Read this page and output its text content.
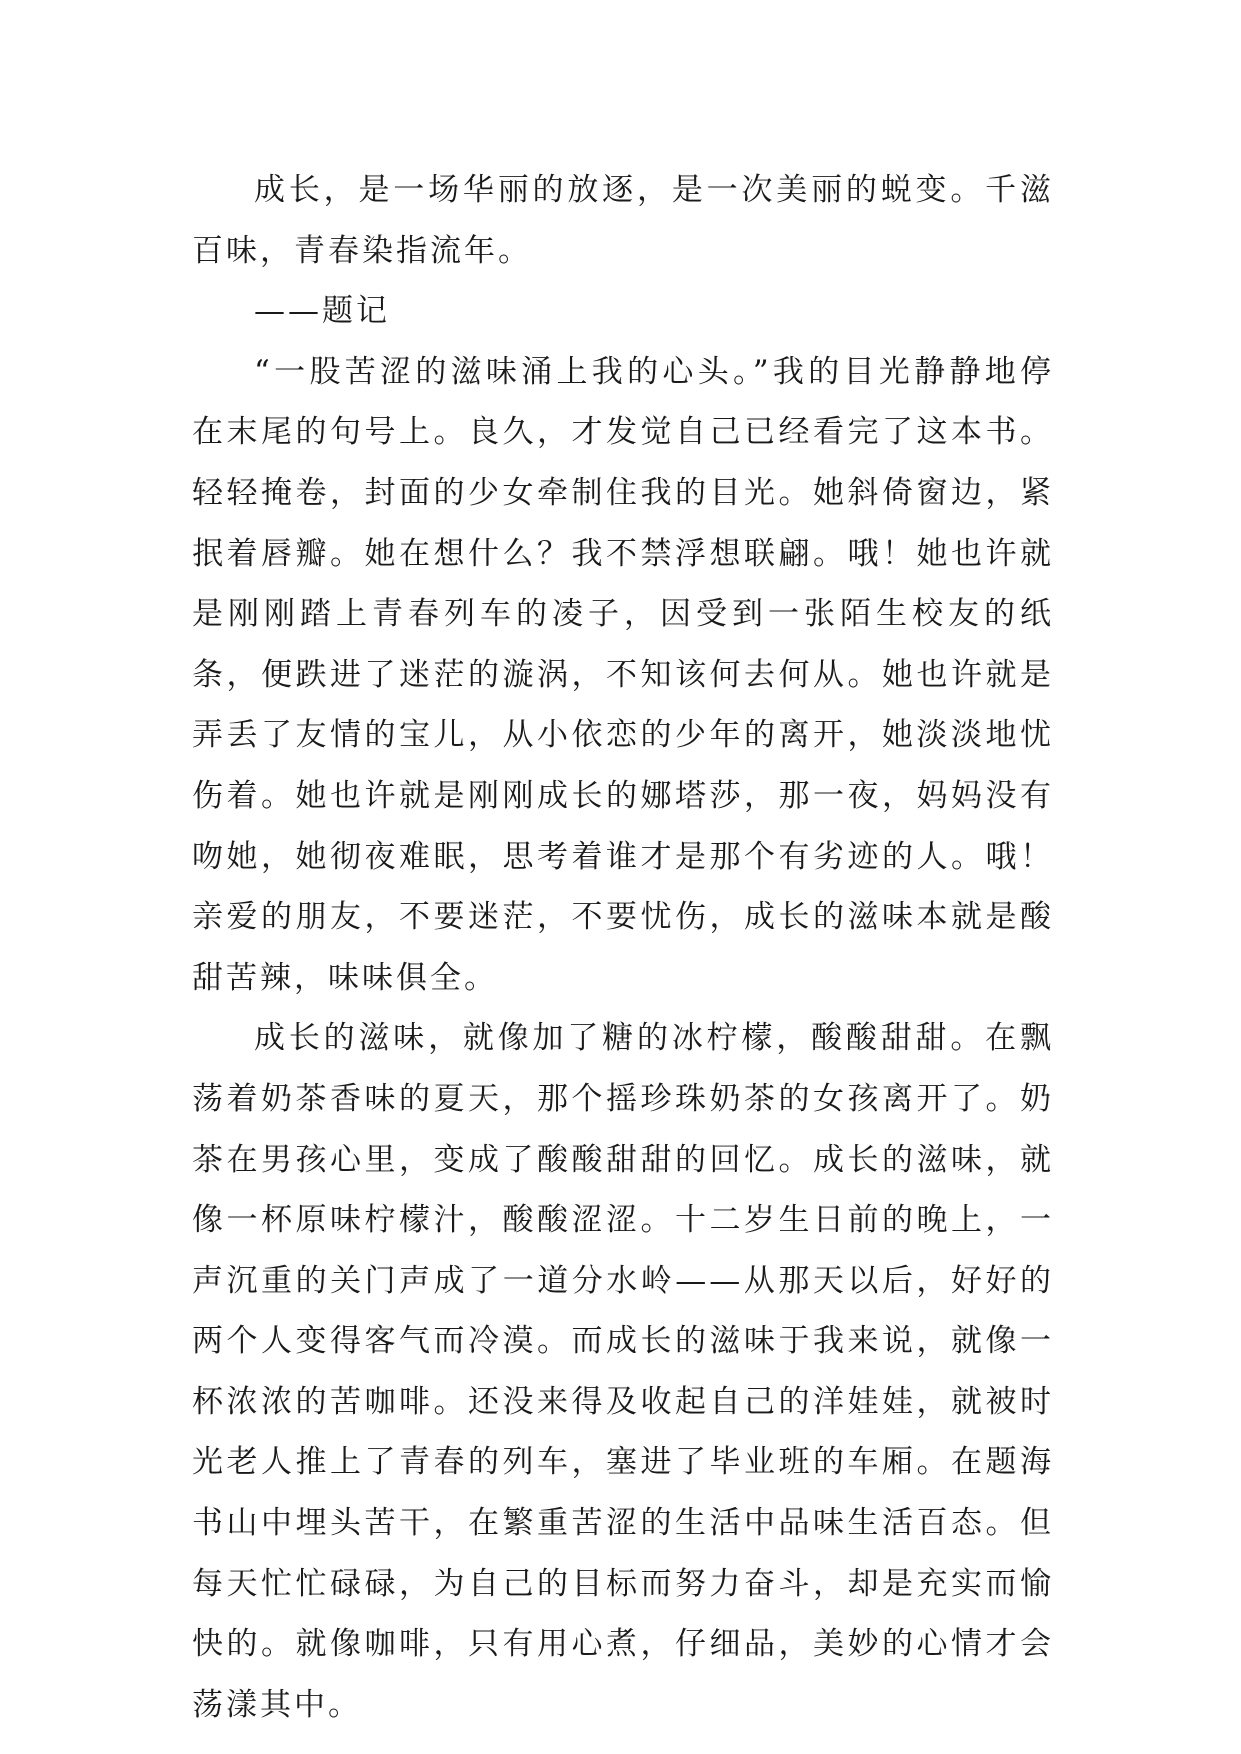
成长，是一场华丽的放逐，是一次美丽的蜕变。千滋百味，青春染指流年。

——题记

“一股苦涩的滋味涌上我的心头。”我的目光静静地停在末尾的句号上。良久，才发觉自己已经看完了这本书。轻轻掩卷，封面的少女牵制住我的目光。她斜倚窗边，紧抿着唇瓣。她在想什么？我不禁浮想联翩。哦！她也许就是刚刚踏上青春列车的凌子，因受到一张陌生校友的纸条，便跌进了迷茫的漩涡，不知该何去何从。她也许就是弄丢了友情的宝儿，从小依恋的少年的离开，她淡淡地忧伤着。她也许就是刚刚成长的娜塔莎，那一夜，妈妈没有吻她，她彻夜难眠，思考着谁才是那个有劣迹的人。哦！亲爱的朋友，不要迷茫，不要忧伤，成长的滋味本就是酸甜苦辣，味味俱全。

成长的滋味，就像加了糖的冰柠檬，酸酸甜甜。在飘荡着奶茶香味的夏天，那个摇珍珠奶茶的女孩离开了。奶茶在男孩心里，变成了酸酸甜甜的回忆。成长的滋味，就像一杯原味柠檬汁，酸酸涩涩。十二岁生日前的晚上，一声沉重的关门声成了一道分水岭——从那天以后，好好的两个人变得客气而冷漠。而成长的滋味于我来说，就像一杯浓浓的苦咖啡。还没来得及收起自己的洋娃娃，就被时光老人推上了青春的列车，塞进了毕业班的车厢。在题海书山中埋头苦干，在繁重苦涩的生活中品味生活百态。但每天忙忙碌碌，为自己的目标而努力奋斗，却是充实而愉快的。就像咖啡，只有用心煮，仔细品，美妙的心情才会荡漾其中。
